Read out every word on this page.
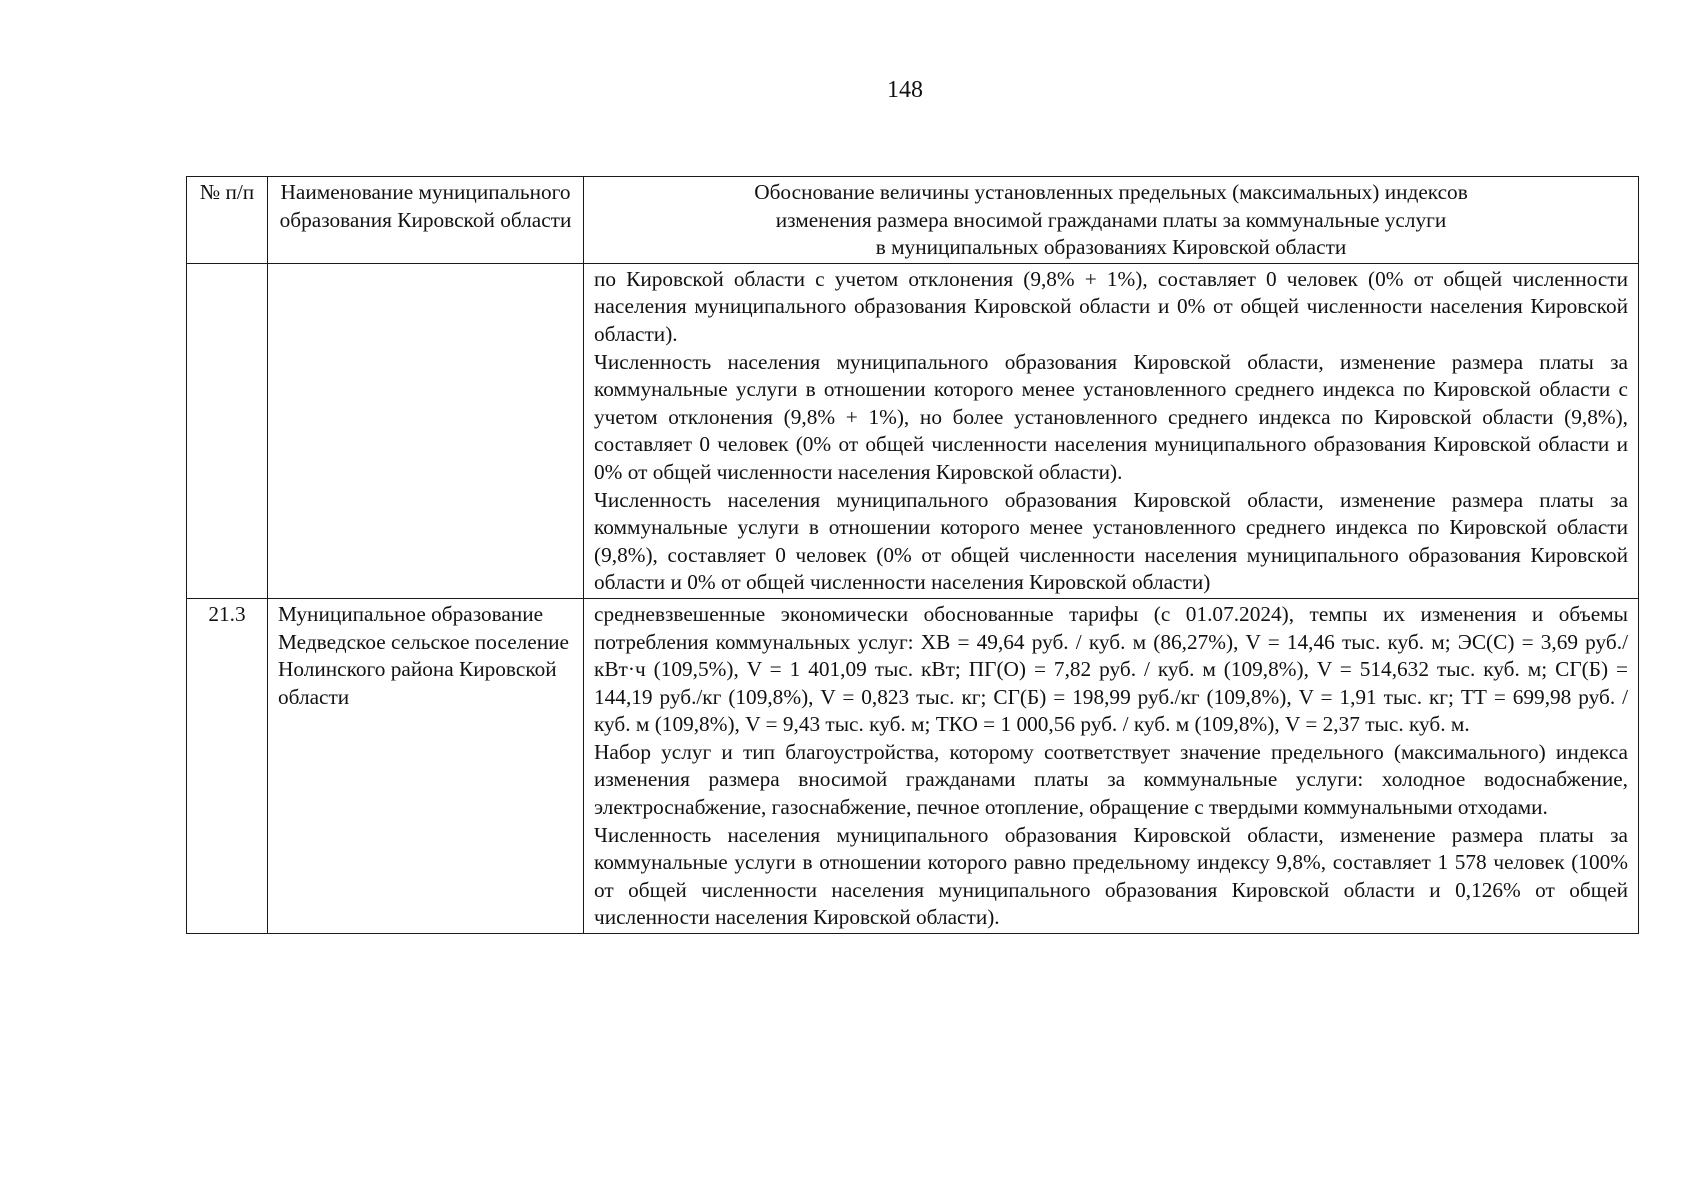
148
№ п/п	Наименование муниципального образования Кировской области	Обоснование величины установленных предельных (максимальных) индексов
изменения размера вносимой гражданами платы за коммунальные услуги
в муниципальных образованиях Кировской области

		по Кировской области с учетом отклонения (9,8% + 1%), составляет 0 человек (0% от общей численности населения муниципального образования Кировской области и 0% от общей численности населения Кировской области).

Численность населения муниципального образования Кировской области, изменение размера платы за коммунальные услуги в отношении которого менее установленного среднего индекса по Кировской области с учетом отклонения (9,8% + 1%), но более установленного среднего индекса по Кировской области (9,8%), составляет 0 человек (0% от общей численности населения муниципального образования Кировской области и 0% от общей численности населения Кировской области).

Численность населения муниципального образования Кировской области, изменение размера платы за коммунальные услуги в отношении которого менее установленного среднего индекса по Кировской области (9,8%), составляет 0 человек (0% от общей численности населения муниципального образования Кировской области и 0% от общей численности населения Кировской области)

21.3	Муниципальное образование Медведское сельское поселение Нолинского района Кировской области	средневзвешенные экономически обоснованные тарифы (с 01.07.2024), темпы их изменения и объемы потребления коммунальных услуг: ХВ = 49,64 руб. / куб. м (86,27%), V = 14,46 тыс. куб. м; ЭС(С) = 3,69 руб./кВт·ч (109,5%), V = 1 401,09 тыс. кВт; ПГ(О) = 7,82 руб. / куб. м (109,8%), V = 514,632 тыс. куб. м; СГ(Б) = 144,19 руб./кг (109,8%), V = 0,823 тыс. кг; СГ(Б) = 198,99 руб./кг (109,8%), V = 1,91 тыс. кг; ТТ = 699,98 руб. / куб. м (109,8%), V = 9,43 тыс. куб. м; ТКО = 1 000,56 руб. / куб. м (109,8%), V = 2,37 тыс. куб. м.

Набор услуг и тип благоустройства, которому соответствует значение предельного (максимального) индекса изменения размера вносимой гражданами платы за коммунальные услуги: холодное водоснабжение, электроснабжение, газоснабжение, печное отопление, обращение с твердыми коммунальными отходами.

Численность населения муниципального образования Кировской области, изменение размера платы за коммунальные услуги в отношении которого равно предельному индексу 9,8%, составляет 1 578 человек (100% от общей численности населения муниципального образования Кировской области и 0,126% от общей численности населения Кировской области).
